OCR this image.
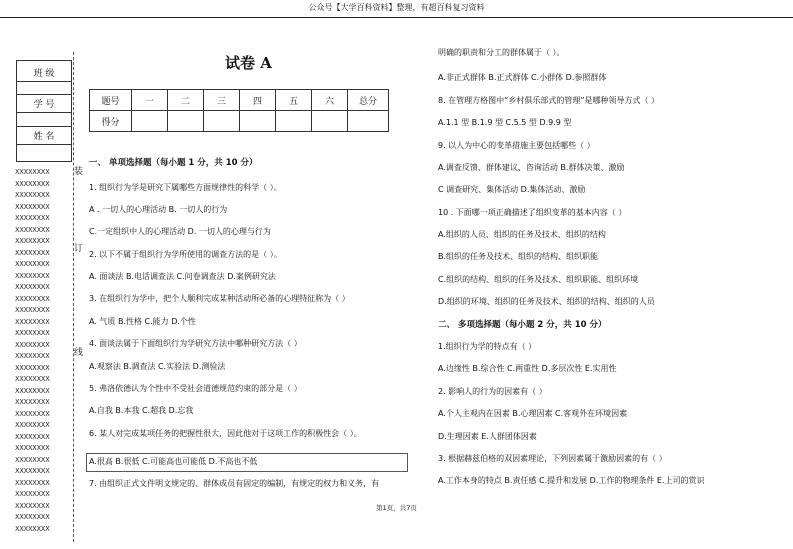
公众号【大学百科资料】整理，有超百科复习资料
班 级
学 号
姓 名
XXXXXXXX
XXXXXXXX
XXXXXXXX
XXXXXXXX
XXXXXXXX
XXXXXXXX
XXXXXXXX
XXXXXXXX
XXXXXXXX
XXXXXXXX
XXXXXXXX
XXXXXXXX
XXXXXXXX
XXXXXXXX
XXXXXXXX
XXXXXXXX
XXXXXXXX
XXXXXXXX
XXXXXXXX
XXXXXXXX
XXXXXXXX
XXXXXXXX
XXXXXXXX
XXXXXXXX
XXXXXXXX
XXXXXXXX
XXXXXXXX
XXXXXXXX
XXXXXXXX
XXXXXXXX
XXXXXXXX
XXXXXXXX
装
订
线
试卷 A
题号	一	二	三	四	五	六	总分
得分							
一、 单项选择题（每小题 1 分，共 10 分）
1. 组织行为学是研究下属哪些方面规律性的科学（ ）。
A . 一切人的心理活动 B. 一切人的行为
C.一定组织中人的心理活动 D. 一切人的心理与行为
2. 以下不属于组织行为学所使用的调查方法的是（ ）。
A. 面谈法 B.电话调查法 C.问卷调查法 D.案例研究法
3. 在组织行为学中，把个人顺利完成某种活动所必备的心理特征称为（ ）
A. 气质 B.性格 C.能力 D.个性
4. 面谈法属于下面组织行为学研究方法中哪种研究方法（ ）
A.观察法 B.调查法 C.实验法 D.测验法
5. 弗洛依德认为个性中不受社会道德规范约束的部分是（ ）
A.自我 B.本我 C.超我 D.忘我
6. 某人对完成某项任务的把握性很大，因此他对于这项工作的积极性会（ ）。
A.很高 B.很低 C.可能高也可能低 D.不高也不低
7. 由组织正式文件明文规定的、群体成员有固定的编制，有规定的权力和义务，有
明确的职责和分工的群体属于（ ）。
A.非正式群体 B.正式群体 C.小群体 D.参照群体
8. 在管理方格图中“乡村俱乐部式的管理”是哪种领导方式（ ）
A.1.1 型 B.1.9 型 C.5.5 型 D.9.9 型
9. 以人为中心的变革措施主要包括哪些（ ）
A.调查反馈、群体建议、咨询活动 B.群体决策、激励
C 调查研究、集体活动 D.集体活动、激励
10 . 下面哪一项正确描述了组织变革的基本内容（ ）
A.组织的人员、组织的任务及技术、组织的结构
B.组织的任务及技术、组织的结构、组织职能
C.组织的结构、组织的任务及技术、组织职能、组织环境
D.组织的环境、组织的任务及技术、组织的结构、组织的人员
二、 多项选择题（每小题 2 分，共 10 分）
1.组织行为学的特点有（ ）
A.边缘性 B.综合性 C.两重性 D.多层次性 E.实用性
2. 影响人的行为的因素有（ ）
A.个人主观内在因素 B.心理因素 C.客观外在环境因素
D.生理因素 E.人群团体因素
3. 根据赫兹伯格的双因素理论，下列因素属于激励因素的有（ ）
A.工作本身的特点 B.责任感 C.提升和发展 D.工作的物理条件 E.上司的赏识
第1页，共7页
